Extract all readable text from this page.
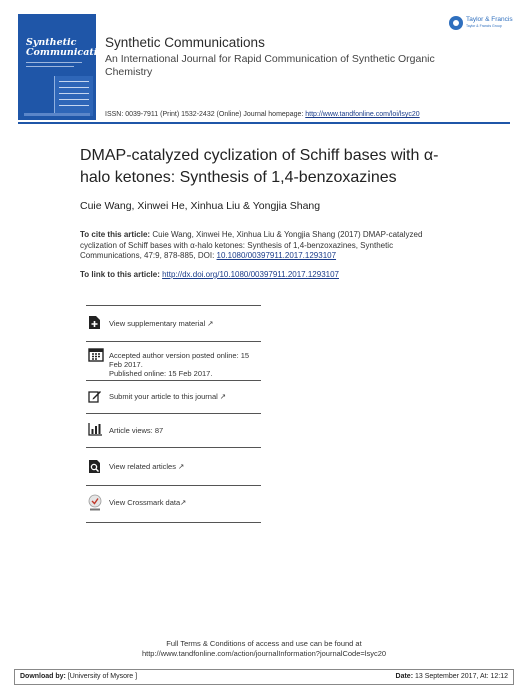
Synthetic
Communications
Synthetic Communications
An International Journal for Rapid Communication of Synthetic Organic Chemistry
ISSN: 0039-7911 (Print) 1532-2432 (Online) Journal homepage: http://www.tandfonline.com/loi/lsyc20
Taylor & Francis
Taylor & Francis Group
DMAP-catalyzed cyclization of Schiff bases with α-halo ketones: Synthesis of 1,4-benzoxazines
Cuie Wang, Xinwei He, Xinhua Liu & Yongjia Shang
To cite this article: Cuie Wang, Xinwei He, Xinhua Liu & Yongjia Shang (2017) DMAP-catalyzed cyclization of Schiff bases with α-halo ketones: Synthesis of 1,4-benzoxazines, Synthetic Communications, 47:9, 878-885, DOI: 10.1080/00397911.2017.1293107
To link to this article: http://dx.doi.org/10.1080/00397911.2017.1293107
View supplementary material ↗
Accepted author version posted online: 15
Feb 2017.
Published online: 15 Feb 2017.
Submit your article to this journal ↗
Article views: 87
View related articles ↗
View Crossmark data↗
Full Terms & Conditions of access and use can be found at
http://www.tandfonline.com/action/journalInformation?journalCode=lsyc20
Download by: [University of Mysore ]	Date: 13 September 2017, At: 12:12
